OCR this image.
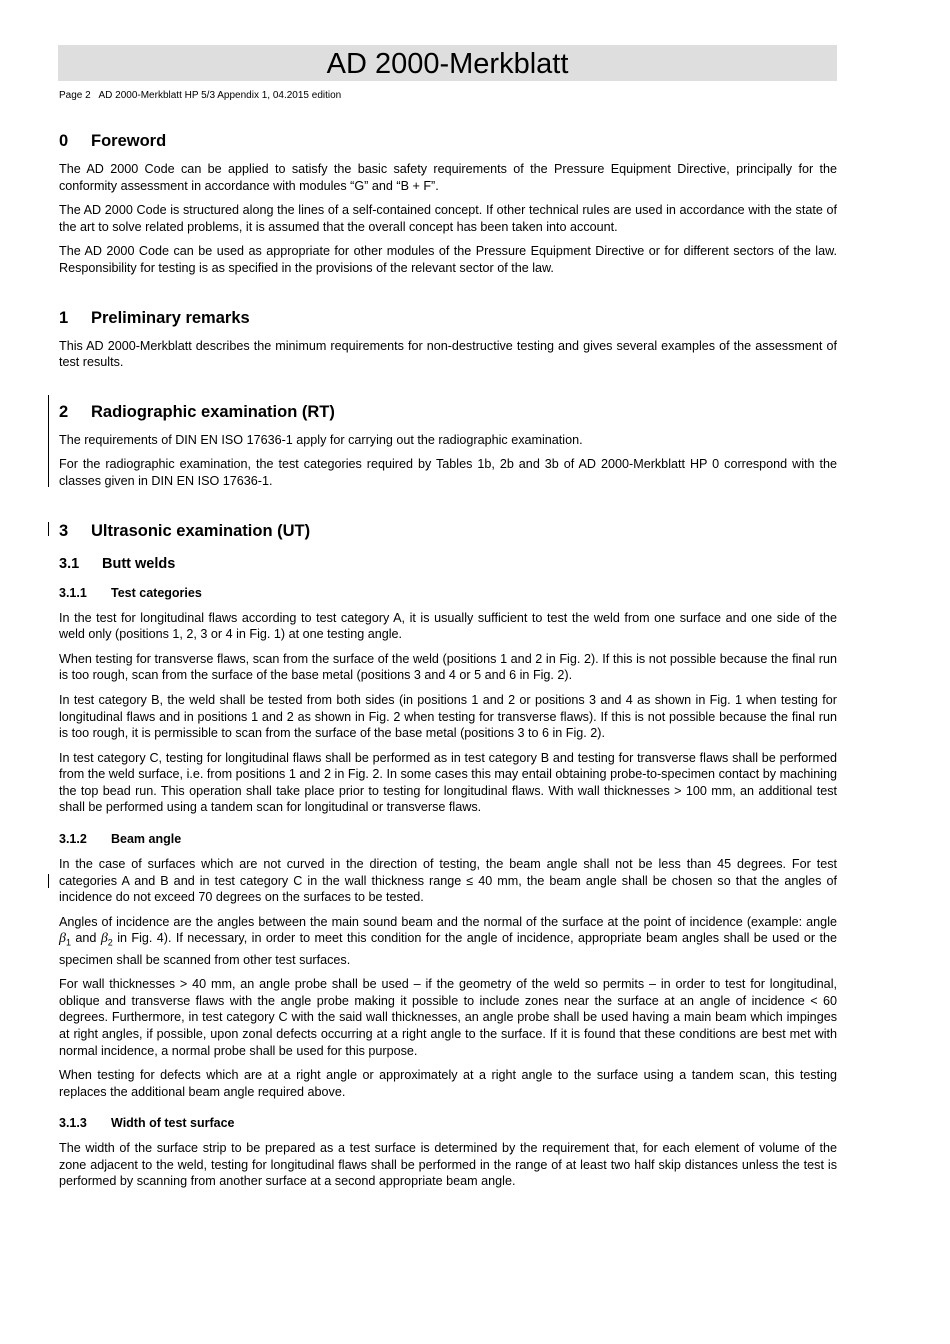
AD 2000-Merkblatt
Page 2   AD 2000-Merkblatt HP 5/3 Appendix 1, 04.2015 edition
0 Foreword

The AD 2000 Code can be applied to satisfy the basic safety requirements of the Pressure Equipment Directive, principally for the conformity assessment in accordance with modules “G” and “B + F”.

The AD 2000 Code is structured along the lines of a self-contained concept. If other technical rules are used in accordance with the state of the art to solve related problems, it is assumed that the overall concept has been taken into account.

The AD 2000 Code can be used as appropriate for other modules of the Pressure Equipment Directive or for different sectors of the law. Responsibility for testing is as specified in the provisions of the relevant sector of the law.

1 Preliminary remarks

This AD 2000-Merkblatt describes the minimum requirements for non-destructive testing and gives several examples of the assessment of test results.

2 Radiographic examination (RT)

The requirements of DIN EN ISO 17636-1 apply for carrying out the radiographic examination.

For the radiographic examination, the test categories required by Tables 1b, 2b and 3b of AD 2000-Merkblatt HP 0 correspond with the classes given in DIN EN ISO 17636-1.

3 Ultrasonic examination (UT)
3.1 Butt welds
3.1.1 Test categories

In the test for longitudinal flaws according to test category A, it is usually sufficient to test the weld from one surface and one side of the weld only (positions 1, 2, 3 or 4 in Fig. 1) at one testing angle.

When testing for transverse flaws, scan from the surface of the weld (positions 1 and 2 in Fig. 2). If this is not possible because the final run is too rough, scan from the surface of the base metal (positions 3 and 4 or 5 and 6 in Fig. 2).

In test category B, the weld shall be tested from both sides (in positions 1 and 2 or positions 3 and 4 as shown in Fig. 1 when testing for longitudinal flaws and in positions 1 and 2 as shown in Fig. 2 when testing for transverse flaws). If this is not possible because the final run is too rough, it is permissible to scan from the surface of the base metal (positions 3 to 6 in Fig. 2).

In test category C, testing for longitudinal flaws shall be performed as in test category B and testing for transverse flaws shall be performed from the weld surface, i.e. from positions 1 and 2 in Fig. 2. In some cases this may entail obtaining probe-to-specimen contact by machining the top bead run. This operation shall take place prior to testing for longitudinal flaws. With wall thicknesses > 100 mm, an additional test shall be performed using a tandem scan for longitudinal or transverse flaws.

3.1.2 Beam angle

In the case of surfaces which are not curved in the direction of testing, the beam angle shall not be less than 45 degrees. For test categories A and B and in test category C in the wall thickness range ≤ 40 mm, the beam angle shall be chosen so that the angles of incidence do not exceed 70 degrees on the surfaces to be tested.

Angles of incidence are the angles between the main sound beam and the normal of the surface at the point of incidence (example: angle $\beta_1$ and $\beta_2$ in Fig. 4). If necessary, in order to meet this condition for the angle of incidence, appropriate beam angles shall be used or the specimen shall be scanned from other test surfaces.

For wall thicknesses > 40 mm, an angle probe shall be used – if the geometry of the weld so permits – in order to test for longitudinal, oblique and transverse flaws with the angle probe making it possible to include zones near the surface at an angle of incidence < 60 degrees. Furthermore, in test category C with the said wall thicknesses, an angle probe shall be used having a main beam which impinges at right angles, if possible, upon zonal defects occurring at a right angle to the surface. If it is found that these conditions are best met with normal incidence, a normal probe shall be used for this purpose.

When testing for defects which are at a right angle or approximately at a right angle to the surface using a tandem scan, this testing replaces the additional beam angle required above.

3.1.3 Width of test surface

The width of the surface strip to be prepared as a test surface is determined by the requirement that, for each element of volume of the zone adjacent to the weld, testing for longitudinal flaws shall be performed in the range of at least two half skip distances unless the test is performed by scanning from another surface at a second appropriate beam angle.
